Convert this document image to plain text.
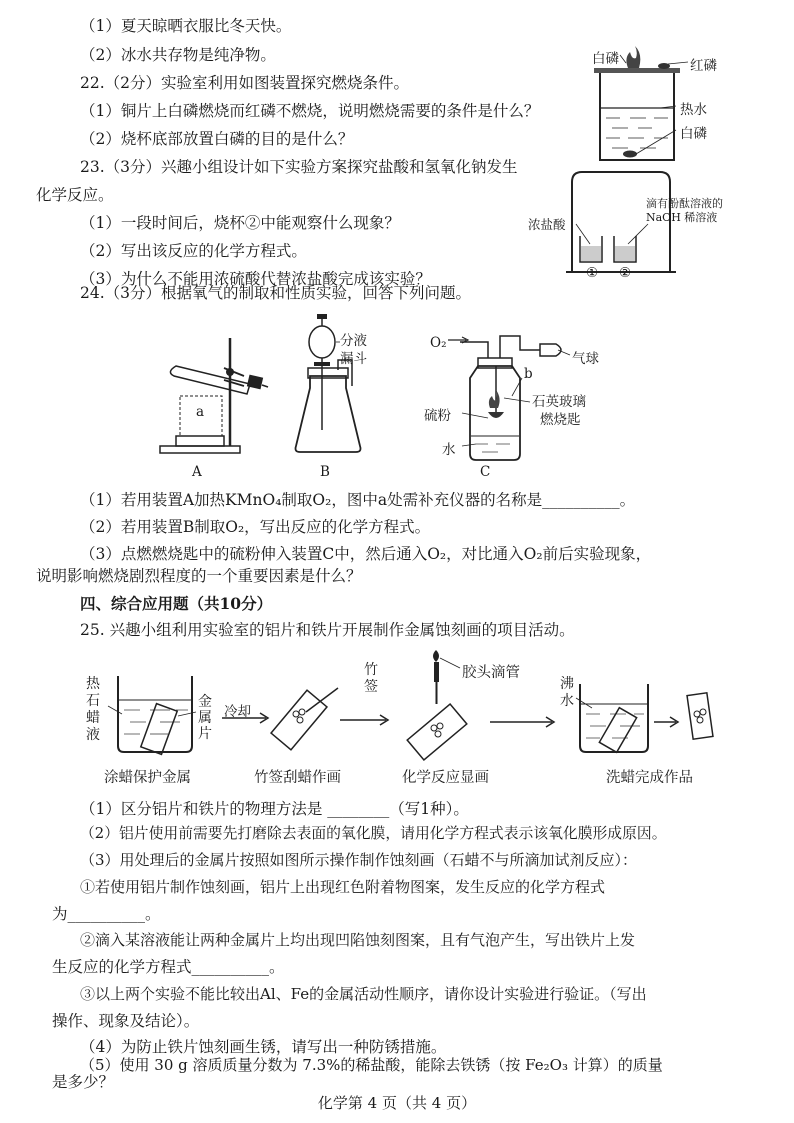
（1）夏天晾晒衣服比冬天快。
（2）冰水共存物是纯净物。
22.（2分）实验室利用如图装置探究燃烧条件。
（1）铜片上白磷燃烧而红磷不燃烧，说明燃烧需要的条件是什么？
（2）烧杯底部放置白磷的目的是什么？
白磷	红磷
热水
白磷
23.（3分）兴趣小组设计如下实验方案探究盐酸和氢氧化钠发生
化学反应。
（1）一段时间后，烧杯②中能观察什么现象？
（2）写出该反应的化学方程式。
（3）为什么不能用浓硫酸代替浓盐酸完成该实验？
浓盐酸
滴有酚酞溶液的
NaOH 稀溶液
① ②
24.（3分）根据氧气的制取和性质实验，回答下列问题。
a
分液
漏斗
O₂
气球
b
硫粉
石英玻璃
燃烧匙
水
A	B	C
（1）若用装置A加热KMnO₄制取O₂，图中a处需补充仪器的名称是__________。
（2）若用装置B制取O₂，写出反应的化学方程式。
（3）点燃燃烧匙中的硫粉伸入装置C中，然后通入O₂，对比通入O₂前后实验现象，
说明影响燃烧剧烈程度的一个重要因素是什么？
四、综合应用题（共10分）
25. 兴趣小组利用实验室的铝片和铁片开展制作金属蚀刻画的项目活动。
热
石
蜡
液
金
属
片
冷却
竹
签
胶头滴管
沸
水
涂蜡保护金属	竹签刮蜡作画	化学反应显画	洗蜡完成作品
（1）区分铝片和铁片的物理方法是 ________（写1种）。
（2）铝片使用前需要先打磨除去表面的氧化膜，请用化学方程式表示该氧化膜形成原因。
（3）用处理后的金属片按照如图所示操作制作蚀刻画（石蜡不与所滴加试剂反应）：
①若使用铝片制作蚀刻画，铝片上出现红色附着物图案，发生反应的化学方程式
为__________。
②滴入某溶液能让两种金属片上均出现凹陷蚀刻图案，且有气泡产生，写出铁片上发
生反应的化学方程式__________。
③以上两个实验不能比较出Al、Fe的金属活动性顺序，请你设计实验进行验证。（写出
操作、现象及结论）。
（4）为防止铁片蚀刻画生锈，请写出一种防锈措施。
（5）使用 30 g 溶质质量分数为 7.3%的稀盐酸，能除去铁锈（按 Fe₂O₃ 计算）的质量
是多少？
化学第 4 页（共 4 页）
